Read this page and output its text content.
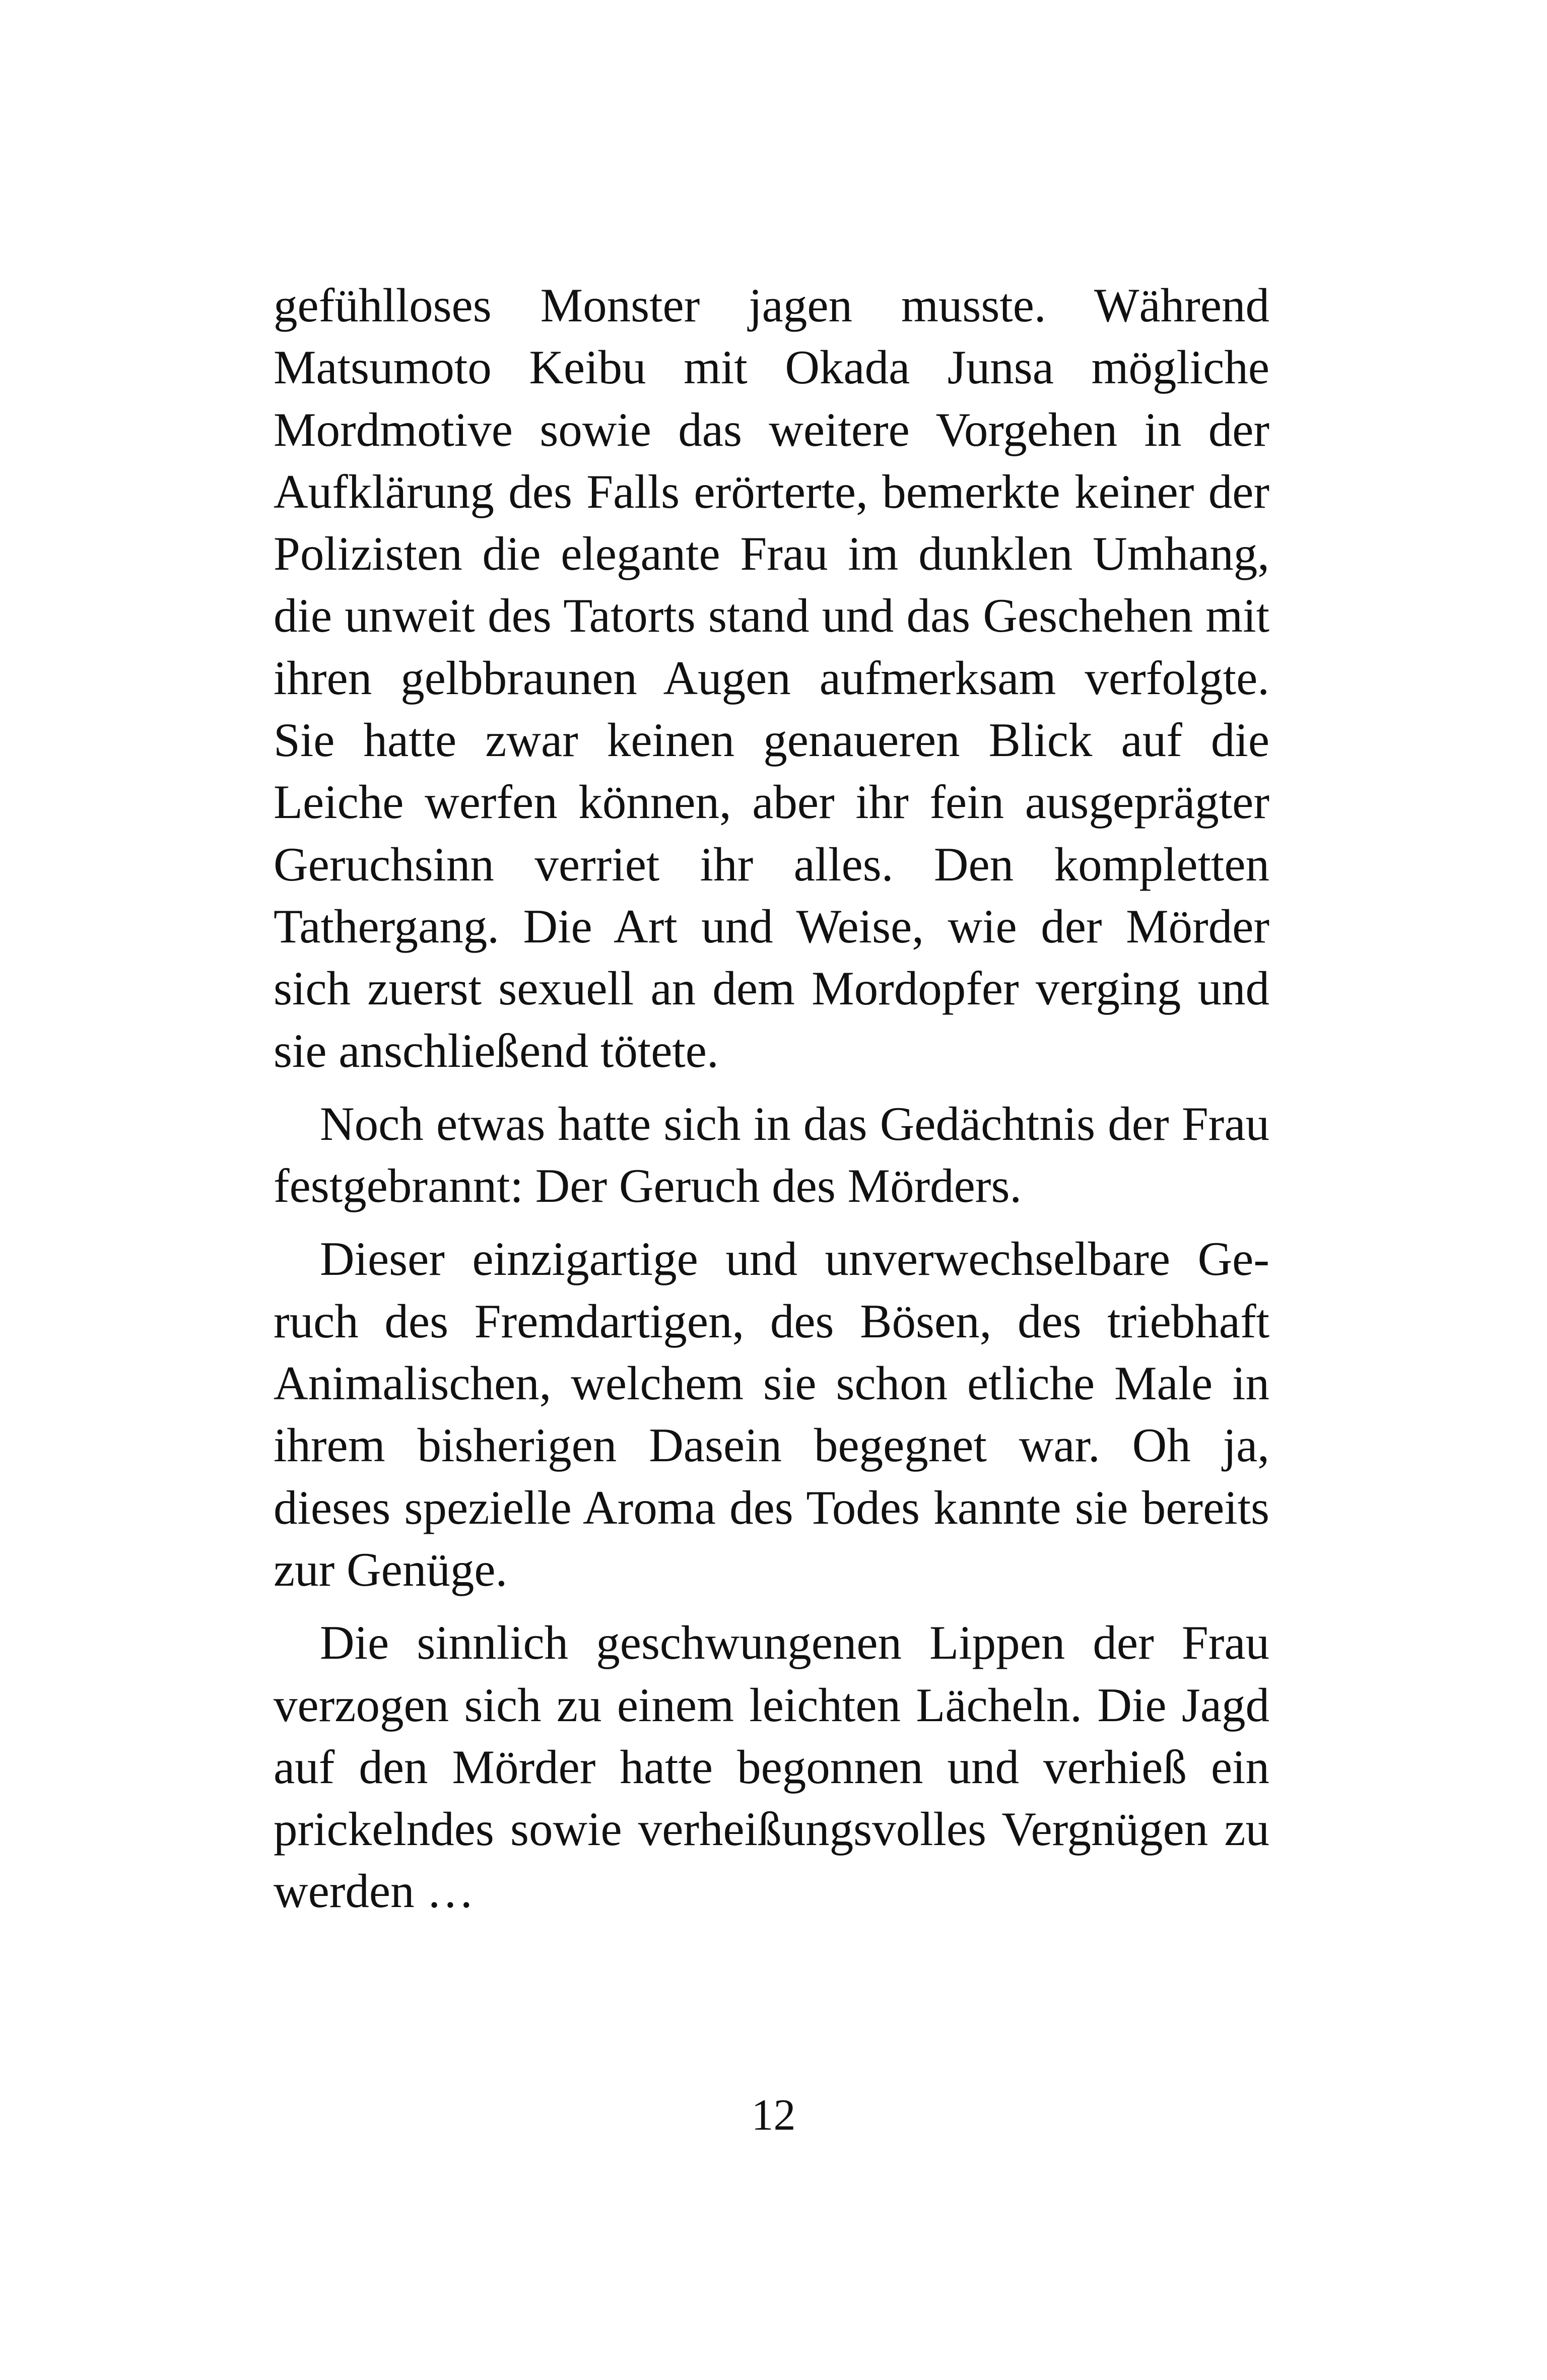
gefühlloses Monster jagen musste. Während Matsumoto Keibu mit Okada Junsa mögliche Mordmotive sowie das weitere Vorgehen in der Aufklärung des Falls erörterte, bemerkte keiner der Polizisten die elegante Frau im dunklen Umhang, die unweit des Tatorts stand und das Geschehen mit ihren gelbbraunen Augen aufmerksam verfolgte. Sie hatte zwar keinen genaueren Blick auf die Leiche werfen können, aber ihr fein ausgeprägter Geruchsinn verriet ihr alles. Den kompletten Tathergang. Die Art und Weise, wie der Mörder sich zuerst sexuell an dem Mordopfer verging und sie anschließend tötete.

Noch etwas hatte sich in das Gedächtnis der Frau festgebrannt: Der Geruch des Mörders.

Dieser einzigartige und unverwechselbare Geruch des Fremdartigen, des Bösen, des triebhaft Animalischen, welchem sie schon etliche Male in ihrem bisherigen Dasein begegnet war. Oh ja, dieses spezielle Aroma des Todes kannte sie bereits zur Genüge.

Die sinnlich geschwungenen Lippen der Frau verzogen sich zu einem leichten Lächeln. Die Jagd auf den Mörder hatte begonnen und verhieß ein prickelndes sowie verheißungsvolles Vergnügen zu werden …

12
